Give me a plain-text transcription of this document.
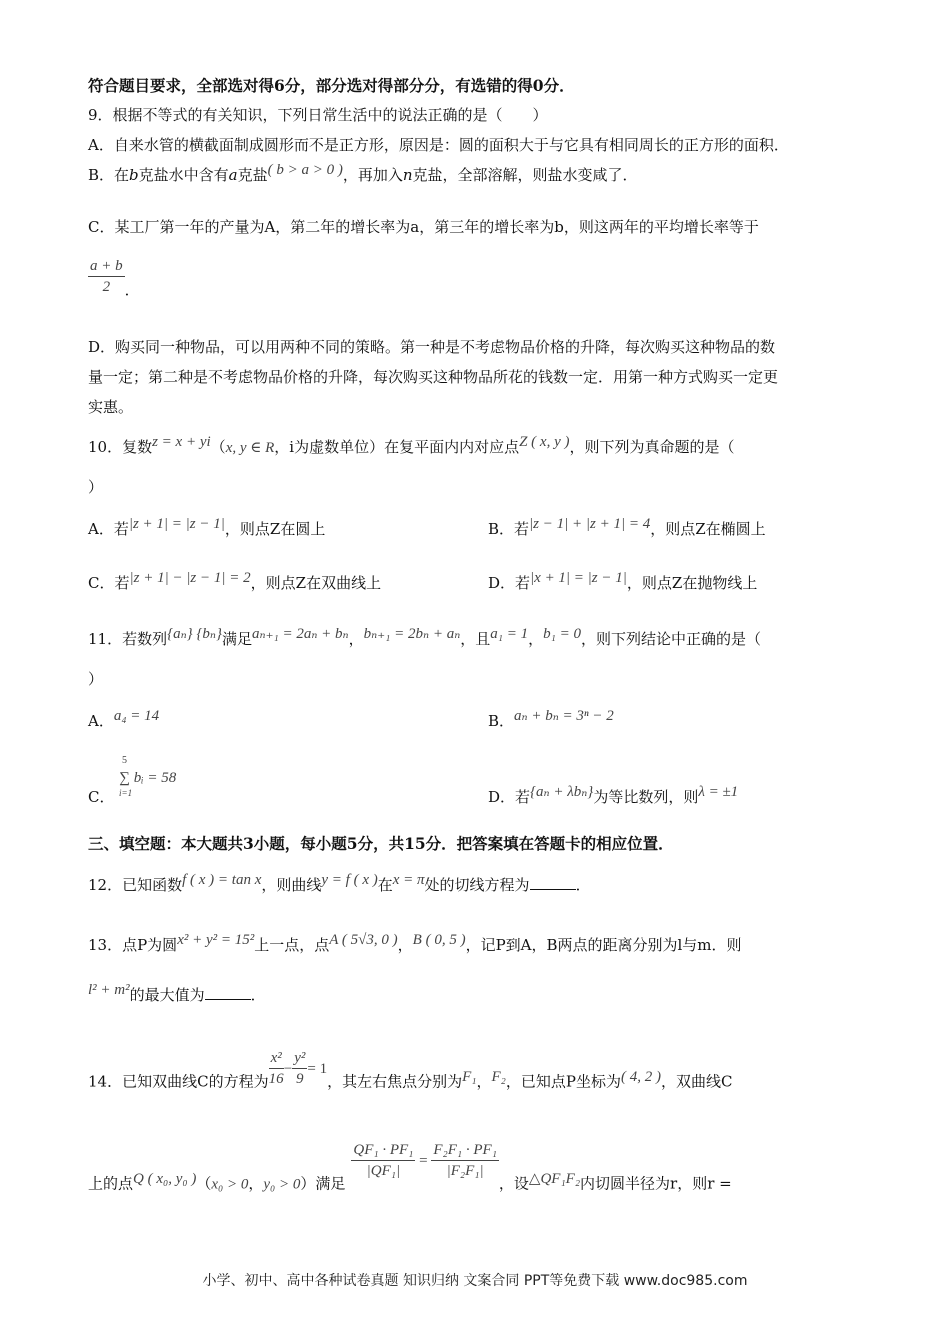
符合题目要求，全部选对得6分，部分选对得部分分，有选错的得0分．
9．根据不等式的有关知识，下列日常生活中的说法正确的是（　　）
A．自来水管的横截面制成圆形而不是正方形，原因是：圆的面积大于与它具有相同周长的正方形的面积．
B．在b克盐水中含有a克盐( b > a > 0 )，再加入n克盐，全部溶解，则盐水变咸了．
C．某工厂第一年的产量为A，第二年的增长率为a，第三年的增长率为b，则这两年的平均增长率等于
$\frac{a + b}{2}$ ．
D．购买同一种物品，可以用两种不同的策略。第一种是不考虑物品价格的升降，每次购买这种物品的数
量一定；第二种是不考虑物品价格的升降，每次购买这种物品所花的钱数一定．用第一种方式购买一定更
实惠。
10．复数z = x + yi（x, y ∈ R，i为虚数单位）在复平面内内对应点Z ( x, y )，则下列为真命题的是（
）
A．若|z + 1| = |z − 1|，则点Z在圆上	B．若|z − 1| + |z + 1| = 4，则点Z在椭圆上
C．若|z + 1| − |z − 1| = 2，则点Z在双曲线上	D．若|x + 1| = |z − 1|，则点Z在抛物线上
11．若数列{aₙ} {bₙ}满足aₙ₊₁ = 2aₙ + bₙ，bₙ₊₁ = 2bₙ + aₙ，且a₁ = 1，b₁ = 0，则下列结论中正确的是（
）
A．a₄ = 14	B．aₙ + bₙ = 3ⁿ − 2
C．
5
i=1
∑ bᵢ = 58
D．若{aₙ + λbₙ}为等比数列，则λ = ±1
三、填空题：本大题共3小题，每小题5分，共15分．把答案填在答题卡的相应位置．
12．已知函数f ( x ) = tan x，则曲线y = f ( x )在x = π处的切线方程为	．
13．点P为圆x² + y² = 15²上一点，点A ( 5√3, 0 )，B ( 0, 5 )，记P到A，B两点的距离分别为l与m．则
l² + m²的最大值为	．
14．已知双曲线C的方程为 $\frac{\text{x²}}{16} - \frac{\text{y²}}{9} = 1$，其左右焦点分别为F₁，F₂，已知点P坐标为( 4, 2 )，双曲线C
上的点Q ( x₀, y₀ )（x₀ > 0，y₀ > 0）满足
$\frac{\text{QF₁ · PF₁}}{\text{|QF₁|}} = \frac{\text{F₂F₁ · PF₁}}{\text{|F₂F₁|}}$
，设△QF₁F₂内切圆半径为r，则r =
小学、初中、高中各种试卷真题 知识归纳 文案合同 PPT等免费下载 www.doc985.com
